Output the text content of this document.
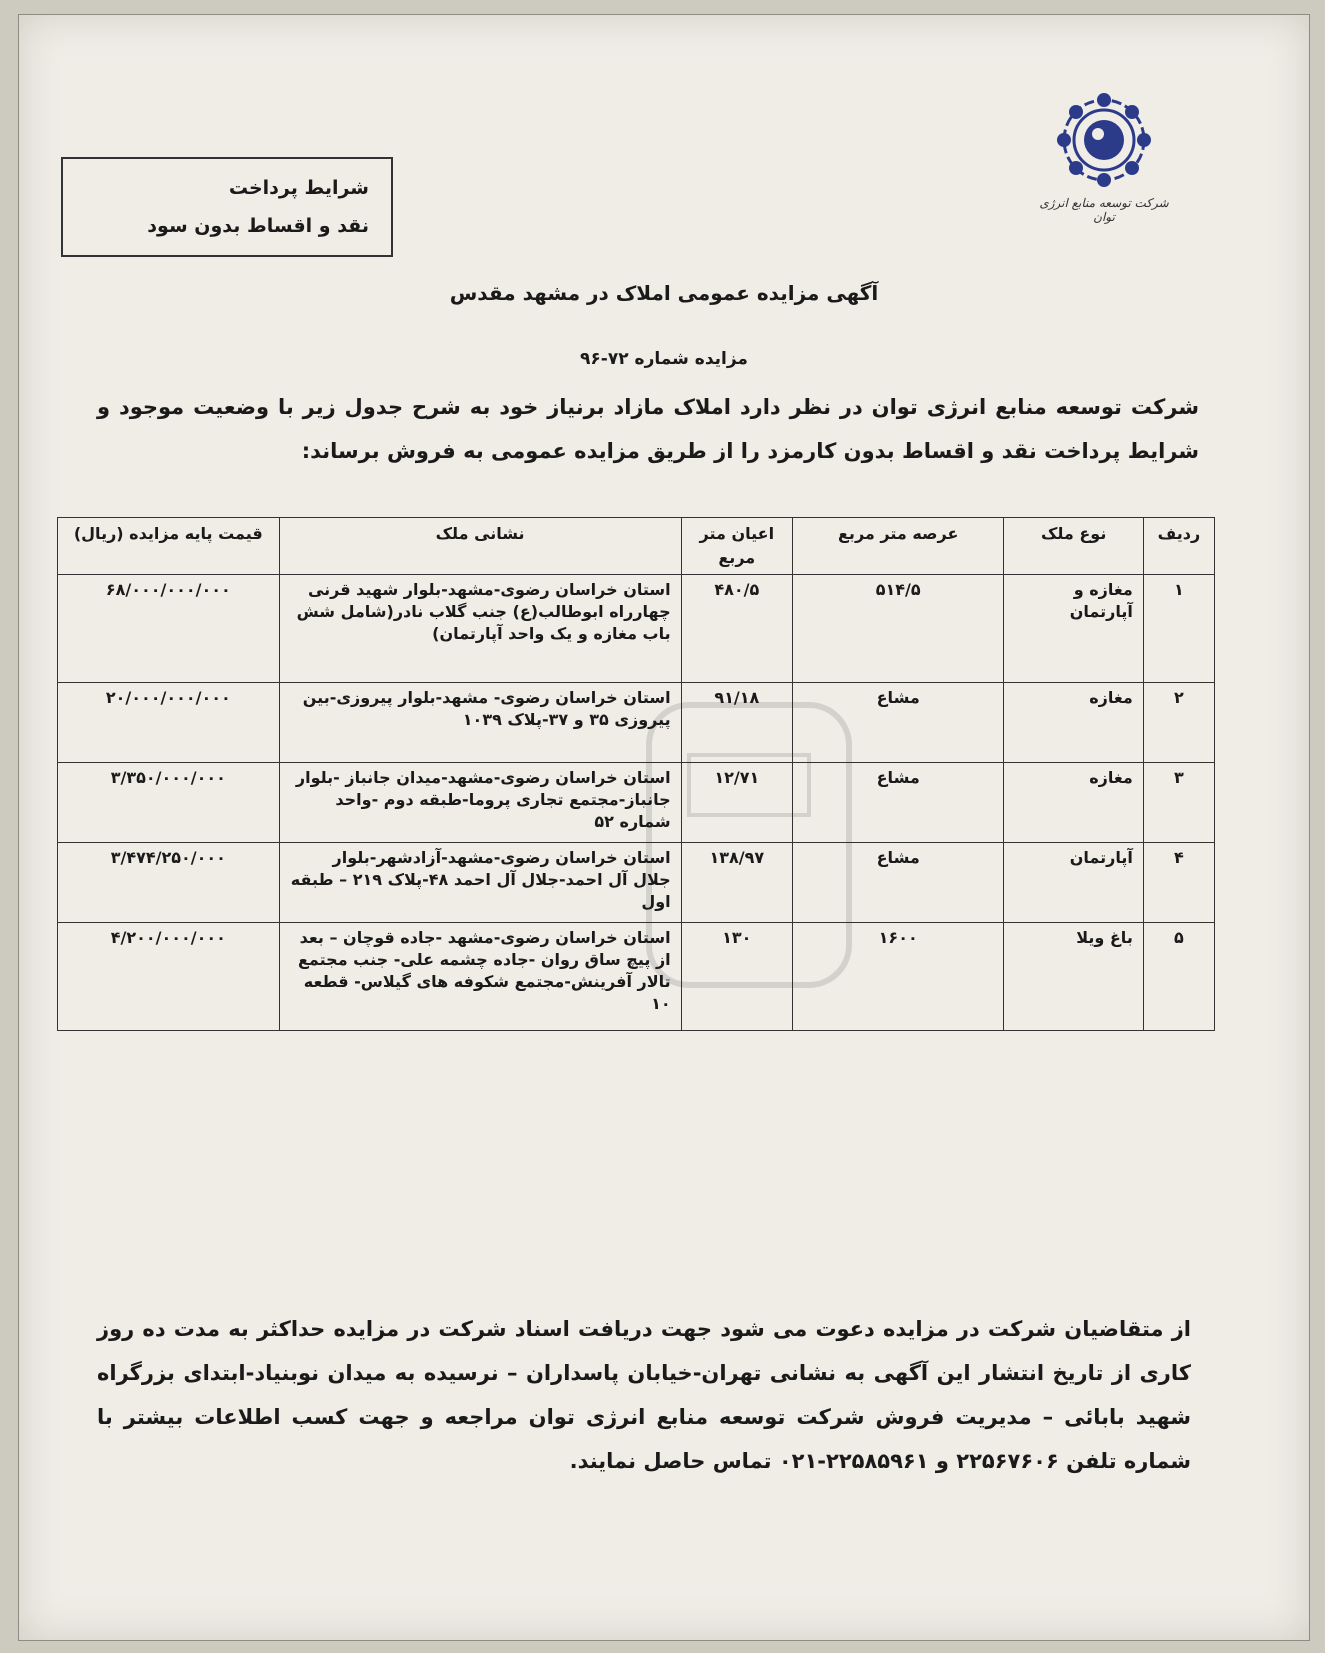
شرکت توسعه منابع انرژی توان
شرایط پرداخت
نقد و اقساط بدون سود
آگهی مزایده عمومی املاک در مشهد مقدس
مزایده شماره ۷۲-۹۶
شرکت توسعه منابع انرژی توان در نظر دارد املاک مازاد برنیاز خود به شرح جدول زیر با وضعیت موجود و شرایط پرداخت نقد و اقساط بدون کارمزد را از طریق مزایده عمومی به فروش برساند:
ردیف	نوع ملک	عرصه متر مربع	اعیان متر مربع	نشانی ملک	قیمت پایه مزایده (ریال)
۱	مغازه و آپارتمان	۵۱۴/۵	۴۸۰/۵	استان خراسان رضوی-مشهد-بلوار شهید قرنی چهارراه ابوطالب(ع) جنب گلاب نادر(شامل شش باب مغازه و یک واحد آپارتمان)	۶۸/۰۰۰/۰۰۰/۰۰۰
۲	مغازه	مشاع	۹۱/۱۸	استان خراسان رضوی- مشهد-بلوار پیروزی-بین پیروزی ۳۵ و ۳۷-پلاک ۱۰۳۹	۲۰/۰۰۰/۰۰۰/۰۰۰
۳	مغازه	مشاع	۱۲/۷۱	استان خراسان رضوی-مشهد-میدان جانباز -بلوار جانباز-مجتمع تجاری پروما-طبقه دوم -واحد شماره ۵۲	۳/۳۵۰/۰۰۰/۰۰۰
۴	آپارتمان	مشاع	۱۳۸/۹۷	استان خراسان رضوی-مشهد-آزادشهر-بلوار جلال آل احمد-جلال آل احمد ۴۸-پلاک ۲۱۹ – طبقه اول	۳/۴۷۴/۲۵۰/۰۰۰
۵	باغ ویلا	۱۶۰۰	۱۳۰	استان خراسان رضوی-مشهد -جاده قوچان – بعد از پیچ ساق روان -جاده چشمه علی- جنب مجتمع تالار آفرینش-مجتمع شکوفه های گیلاس- قطعه ۱۰	۴/۲۰۰/۰۰۰/۰۰۰
از متقاضیان شرکت در مزایده دعوت می شود جهت دریافت اسناد شرکت در مزایده حداکثر به مدت ده روز کاری از تاریخ انتشار این آگهی به نشانی تهران-خیابان پاسداران – نرسیده به میدان نوبنیاد-ابتدای بزرگراه شهید بابائی – مدیریت فروش شرکت توسعه منابع انرژی توان مراجعه و جهت کسب اطلاعات بیشتر با شماره تلفن ۲۲۵۶۷۶۰۶ و ۲۲۵۸۵۹۶۱-۰۲۱ تماس حاصل نمایند.
